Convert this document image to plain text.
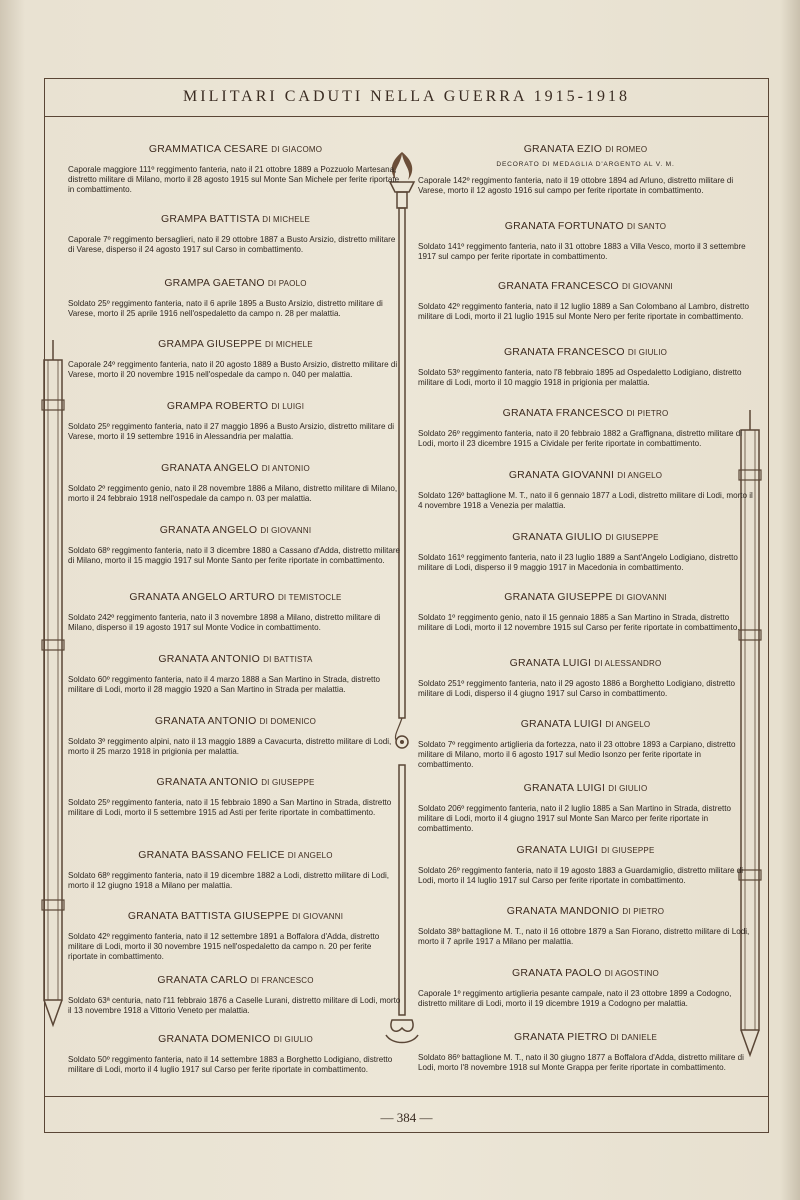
MILITARI CADUTI NELLA GUERRA 1915-1918

GRAMMATICA CESARE DI GIACOMO

Caporale maggiore 111º reggimento fanteria, nato il 21 ottobre 1889 a Pozzuolo Martesana, distretto militare di Milano, morto il 28 agosto 1915 sul Monte San Michele per ferite riportate in combattimento.

GRAMPA BATTISTA DI MICHELE

Caporale 7º reggimento bersaglieri, nato il 29 ottobre 1887 a Busto Arsizio, distretto militare di Varese, disperso il 24 agosto 1917 sul Carso in combattimento.

GRAMPA GAETANO DI PAOLO

Soldato 25º reggimento fanteria, nato il 6 aprile 1895 a Busto Arsizio, distretto militare di Varese, morto il 25 aprile 1916 nell'ospedaletto da campo n. 28 per malattia.

GRAMPA GIUSEPPE DI MICHELE

Caporale 24º reggimento fanteria, nato il 20 agosto 1889 a Busto Arsizio, distretto militare di Varese, morto il 20 novembre 1915 nell'ospedale da campo n. 040 per malattia.

GRAMPA ROBERTO DI LUIGI

Soldato 25º reggimento fanteria, nato il 27 maggio 1896 a Busto Arsizio, distretto militare di Varese, morto il 19 settembre 1916 in Alessandria per malattia.

GRANATA ANGELO DI ANTONIO

Soldato 2º reggimento genio, nato il 28 novembre 1886 a Milano, distretto militare di Milano, morto il 24 febbraio 1918 nell'ospedale da campo n. 03 per malattia.

GRANATA ANGELO DI GIOVANNI

Soldato 68º reggimento fanteria, nato il 3 dicembre 1880 a Cassano d'Adda, distretto militare di Milano, morto il 15 maggio 1917 sul Monte Santo per ferite riportate in combattimento.

GRANATA ANGELO ARTURO DI TEMISTOCLE

Soldato 242º reggimento fanteria, nato il 3 novembre 1898 a Milano, distretto militare di Milano, disperso il 19 agosto 1917 sul Monte Vodice in combattimento.

GRANATA ANTONIO DI BATTISTA

Soldato 60º reggimento fanteria, nato il 4 marzo 1888 a San Martino in Strada, distretto militare di Lodi, morto il 28 maggio 1920 a San Martino in Strada per malattia.

GRANATA ANTONIO DI DOMENICO

Soldato 3º reggimento alpini, nato il 13 maggio 1889 a Cavacurta, distretto militare di Lodi, morto il 25 marzo 1918 in prigionia per malattia.

GRANATA ANTONIO DI GIUSEPPE

Soldato 25º reggimento fanteria, nato il 15 febbraio 1890 a San Martino in Strada, distretto militare di Lodi, morto il 5 settembre 1915 ad Asti per ferite riportate in combattimento.

GRANATA BASSANO FELICE DI ANGELO

Soldato 68º reggimento fanteria, nato il 19 dicembre 1882 a Lodi, distretto militare di Lodi, morto il 12 giugno 1918 a Milano per malattia.

GRANATA BATTISTA GIUSEPPE DI GIOVANNI

Soldato 42º reggimento fanteria, nato il 12 settembre 1891 a Boffalora d'Adda, distretto militare di Lodi, morto il 30 novembre 1915 nell'ospedaletto da campo n. 20 per ferite riportate in combattimento.

GRANATA CARLO DI FRANCESCO

Soldato 63ª centuria, nato l'11 febbraio 1876 a Caselle Lurani, distretto militare di Lodi, morto il 13 novembre 1918 a Vittorio Veneto per malattia.

GRANATA DOMENICO DI GIULIO

Soldato 50º reggimento fanteria, nato il 14 settembre 1883 a Borghetto Lodigiano, distretto militare di Lodi, morto il 4 luglio 1917 sul Carso per ferite riportate in combattimento.

GRANATA EZIO DI ROMEO

DECORATO DI MEDAGLIA D'ARGENTO AL V. M.

Caporale 142º reggimento fanteria, nato il 19 ottobre 1894 ad Arluno, distretto militare di Varese, morto il 12 agosto 1916 sul campo per ferite riportate in combattimento.

GRANATA FORTUNATO DI SANTO

Soldato 141º reggimento fanteria, nato il 31 ottobre 1883 a Villa Vesco, morto il 3 settembre 1917 sul campo per ferite riportate in combattimento.

GRANATA FRANCESCO DI GIOVANNI

Soldato 42º reggimento fanteria, nato il 12 luglio 1889 a San Colombano al Lambro, distretto militare di Lodi, morto il 21 luglio 1915 sul Monte Nero per ferite riportate in combattimento.

GRANATA FRANCESCO DI GIULIO

Soldato 53º reggimento fanteria, nato l'8 febbraio 1895 ad Ospedaletto Lodigiano, distretto militare di Lodi, morto il 10 maggio 1918 in prigionia per malattia.

GRANATA FRANCESCO DI PIETRO

Soldato 26º reggimento fanteria, nato il 20 febbraio 1882 a Graffignana, distretto militare di Lodi, morto il 23 dicembre 1915 a Cividale per ferite riportate in combattimento.

GRANATA GIOVANNI DI ANGELO

Soldato 126º battaglione M. T., nato il 6 gennaio 1877 a Lodi, distretto militare di Lodi, morto il 4 novembre 1918 a Venezia per malattia.

GRANATA GIULIO DI GIUSEPPE

Soldato 161º reggimento fanteria, nato il 23 luglio 1889 a Sant'Angelo Lodigiano, distretto militare di Lodi, disperso il 9 maggio 1917 in Macedonia in combattimento.

GRANATA GIUSEPPE DI GIOVANNI

Soldato 1º reggimento genio, nato il 15 gennaio 1885 a San Martino in Strada, distretto militare di Lodi, morto il 12 novembre 1915 sul Carso per ferite riportate in combattimento.

GRANATA LUIGI DI ALESSANDRO

Soldato 251º reggimento fanteria, nato il 29 agosto 1886 a Borghetto Lodigiano, distretto militare di Lodi, disperso il 4 giugno 1917 sul Carso in combattimento.

GRANATA LUIGI DI ANGELO

Soldato 7º reggimento artiglieria da fortezza, nato il 23 ottobre 1893 a Carpiano, distretto militare di Milano, morto il 6 agosto 1917 sul Medio Isonzo per ferite riportate in combattimento.

GRANATA LUIGI DI GIULIO

Soldato 206º reggimento fanteria, nato il 2 luglio 1885 a San Martino in Strada, distretto militare di Lodi, morto il 4 giugno 1917 sul Monte San Marco per ferite riportate in combattimento.

GRANATA LUIGI DI GIUSEPPE

Soldato 26º reggimento fanteria, nato il 19 agosto 1883 a Guardamiglio, distretto militare di Lodi, morto il 14 luglio 1917 sul Carso per ferite riportate in combattimento.

GRANATA MANDONIO DI PIETRO

Soldato 38º battaglione M. T., nato il 16 ottobre 1879 a San Fiorano, distretto militare di Lodi, morto il 7 aprile 1917 a Milano per malattia.

GRANATA PAOLO DI AGOSTINO

Caporale 1º reggimento artiglieria pesante campale, nato il 23 ottobre 1899 a Codogno, distretto militare di Lodi, morto il 19 dicembre 1919 a Codogno per malattia.

GRANATA PIETRO DI DANIELE

Soldato 86º battaglione M. T., nato il 30 giugno 1877 a Boffalora d'Adda, distretto militare di Lodi, morto l'8 novembre 1918 sul Monte Grappa per ferite riportate in combattimento.

— 384 —
